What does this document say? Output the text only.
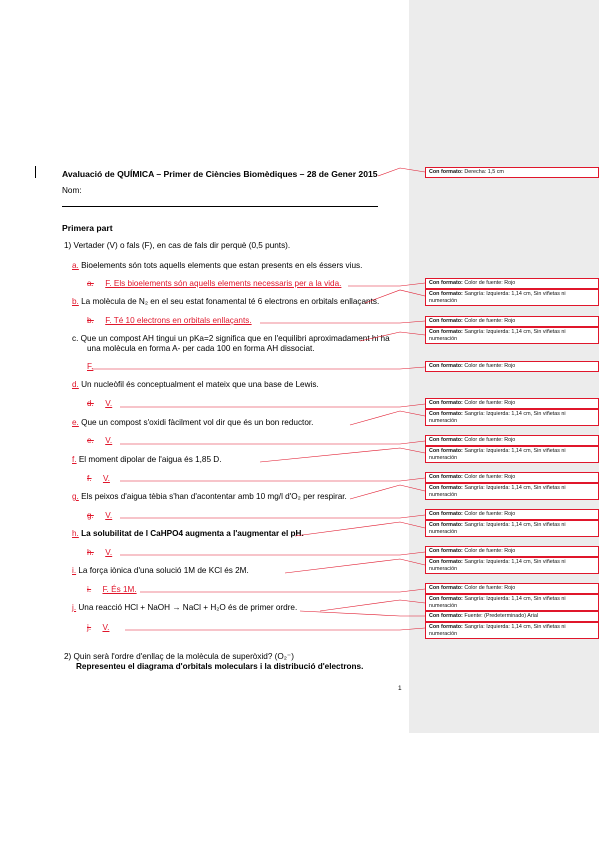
Avaluació de QUÍMICA – Primer de Ciències Biomèdiques – 28 de Gener 2015
Nom:
Primera part
1) Vertader (V) o fals (F), en cas de fals dir perquè (0,5 punts).
a. Bioelements són tots aquells elements que estan presents en els éssers vius.
a. F. Els bioelements són aquells elements necessaris per a la vida.
b. La molècula de N₂ en el seu estat fonamental té 6 electrons en orbitals enllaçants.
b. F. Té 10 electrons en orbitals enllaçants.
c. Que un compost AH tingui un pKa=2 significa que en l'equilibri aproximadament hi ha
una molècula en forma A- per cada 100 en forma AH dissociat.
F.
d. Un nucleòfil és conceptualment el mateix que una base de Lewis.
d. V.
e. Que un compost s'oxidi fàcilment vol dir que és un bon reductor.
e. V.
f. El moment dipolar de l'aigua és 1,85 D.
f. V.
g. Els peixos d'aigua tèbia s'han d'acontentar amb 10 mg/l d'O₂ per respirar.
g. V.
h. La solubilitat de l CaHPO4 augmenta a l'augmentar el pH.
h. V.
i. La força iònica d'una solució 1M de KCl és 2M.
i. F. És 1M.
j. Una reacció HCl + NaOH → NaCl + H₂O és de primer ordre.
j. V.
2) Quin serà l'ordre d'enllaç de la molècula de superòxid? (O₂⁻)
Representeu el diagrama d'orbitals moleculars i la distribució d'electrons.
1
Con formato: Derecha: 1,5 cm
Con formato: Color de fuente: Rojo
Con formato: Sangría: Izquierda: 1,14 cm, Sin viñetas ni numeración
Con formato: Color de fuente: Rojo
Con formato: Sangría: Izquierda: 1,14 cm, Sin viñetas ni numeración
Con formato: Color de fuente: Rojo
Con formato: Color de fuente: Rojo
Con formato: Sangría: Izquierda: 1,14 cm, Sin viñetas ni numeración
Con formato: Color de fuente: Rojo
Con formato: Sangría: Izquierda: 1,14 cm, Sin viñetas ni numeración
Con formato: Color de fuente: Rojo
Con formato: Sangría: Izquierda: 1,14 cm, Sin viñetas ni numeración
Con formato: Color de fuente: Rojo
Con formato: Sangría: Izquierda: 1,14 cm, Sin viñetas ni numeración
Con formato: Color de fuente: Rojo
Con formato: Sangría: Izquierda: 1,14 cm, Sin viñetas ni numeración
Con formato: Color de fuente: Rojo
Con formato: Sangría: Izquierda: 1,14 cm, Sin viñetas ni numeración
Con formato: Fuente: (Predeterminado) Arial
Con formato: Sangría: Izquierda: 1,14 cm, Sin viñetas ni numeración
